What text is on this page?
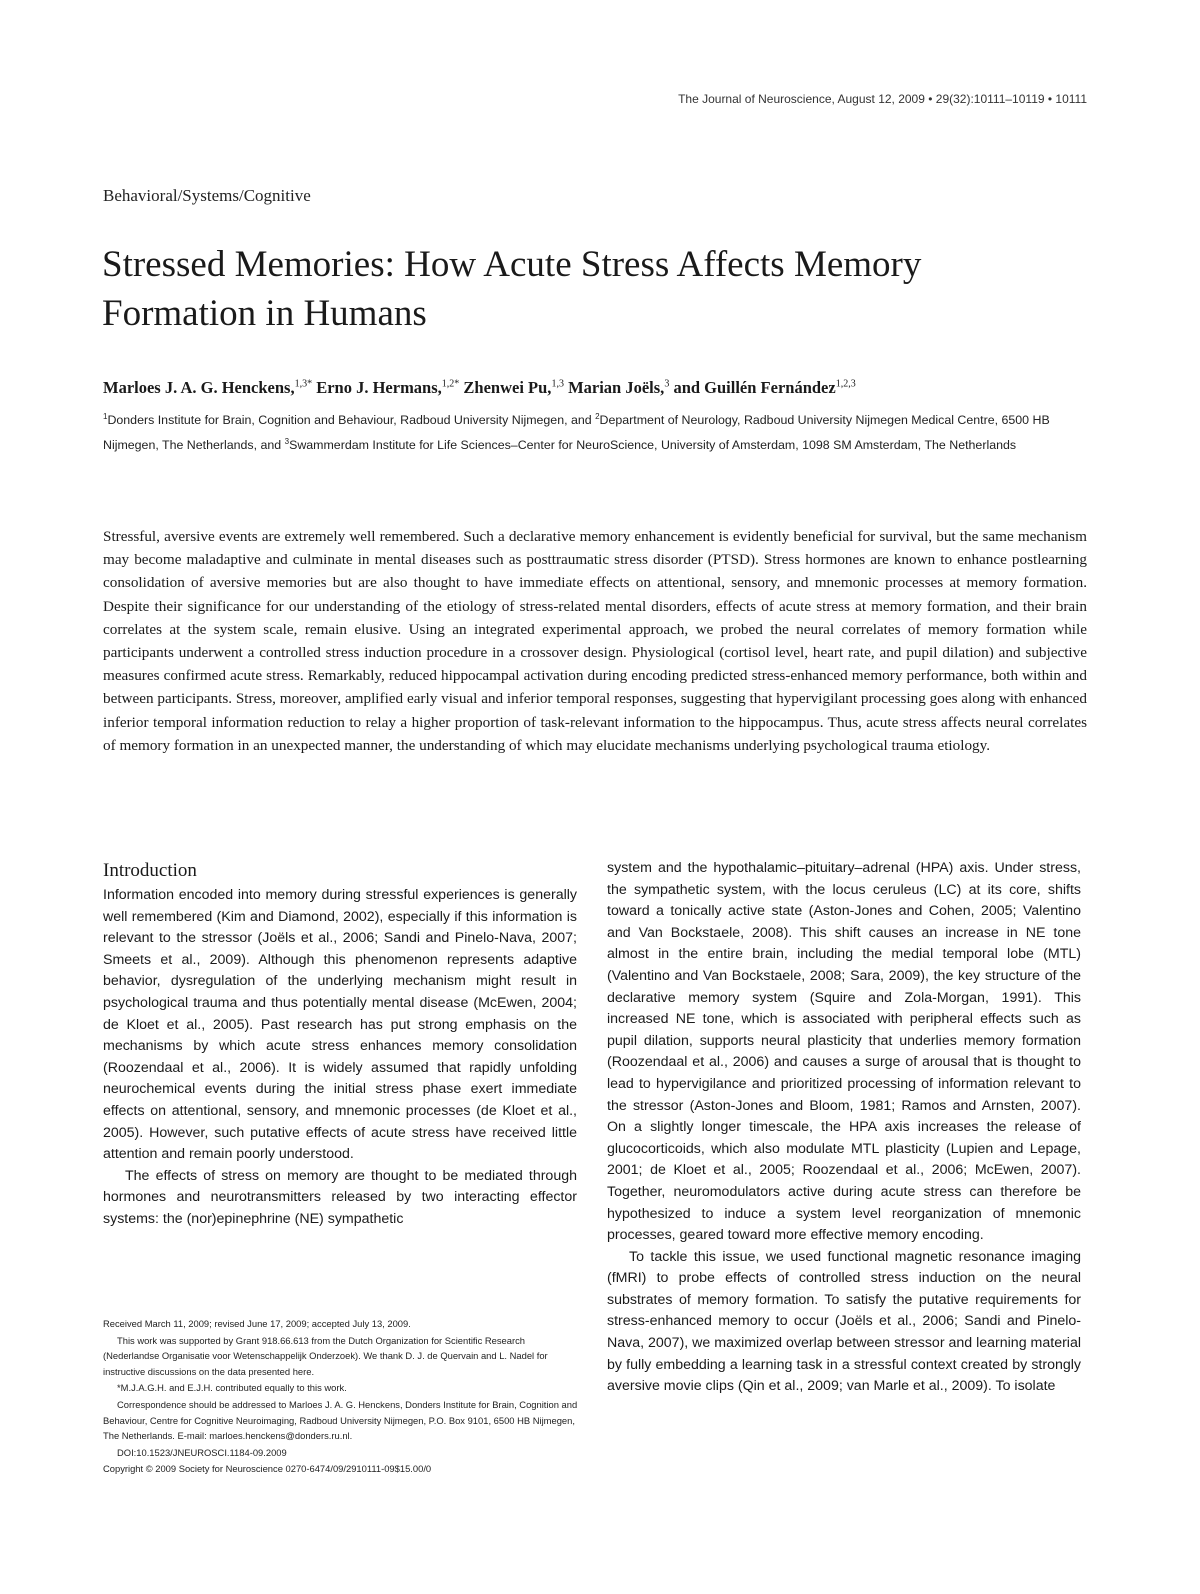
The Journal of Neuroscience, August 12, 2009 • 29(32):10111–10119 • 10111
Behavioral/Systems/Cognitive
Stressed Memories: How Acute Stress Affects Memory Formation in Humans
Marloes J. A. G. Henckens,$^{1,3*}$ Erno J. Hermans,$^{1,2*}$ Zhenwei Pu,$^{1,3}$ Marian Joëls,$^3$ and Guillén Fernández$^{1,2,3}$
$^1$Donders Institute for Brain, Cognition and Behaviour, Radboud University Nijmegen, and $^2$Department of Neurology, Radboud University Nijmegen Medical Centre, 6500 HB Nijmegen, The Netherlands, and $^3$Swammerdam Institute for Life Sciences–Center for NeuroScience, University of Amsterdam, 1098 SM Amsterdam, The Netherlands
Stressful, aversive events are extremely well remembered. Such a declarative memory enhancement is evidently beneficial for survival, but the same mechanism may become maladaptive and culminate in mental diseases such as posttraumatic stress disorder (PTSD). Stress hormones are known to enhance postlearning consolidation of aversive memories but are also thought to have immediate effects on attentional, sensory, and mnemonic processes at memory formation. Despite their significance for our understanding of the etiology of stress-related mental disorders, effects of acute stress at memory formation, and their brain correlates at the system scale, remain elusive. Using an integrated experimental approach, we probed the neural correlates of memory formation while participants underwent a controlled stress induction procedure in a crossover design. Physiological (cortisol level, heart rate, and pupil dilation) and subjective measures confirmed acute stress. Remarkably, reduced hippocampal activation during encoding predicted stress-enhanced memory performance, both within and between participants. Stress, moreover, amplified early visual and inferior temporal responses, suggesting that hypervigilant processing goes along with enhanced inferior temporal information reduction to relay a higher proportion of task-relevant information to the hippocampus. Thus, acute stress affects neural correlates of memory formation in an unexpected manner, the understanding of which may elucidate mechanisms underlying psychological trauma etiology.
Introduction

Information encoded into memory during stressful experiences is generally well remembered (Kim and Diamond, 2002), especially if this information is relevant to the stressor (Joëls et al., 2006; Sandi and Pinelo-Nava, 2007; Smeets et al., 2009). Although this phenomenon represents adaptive behavior, dysregulation of the underlying mechanism might result in psychological trauma and thus potentially mental disease (McEwen, 2004; de Kloet et al., 2005). Past research has put strong emphasis on the mechanisms by which acute stress enhances memory consolidation (Roozendaal et al., 2006). It is widely assumed that rapidly unfolding neurochemical events during the initial stress phase exert immediate effects on attentional, sensory, and mnemonic processes (de Kloet et al., 2005). However, such putative effects of acute stress have received little attention and remain poorly understood.

The effects of stress on memory are thought to be mediated through hormones and neurotransmitters released by two interacting effector systems: the (nor)epinephrine (NE) sympathetic

system and the hypothalamic–pituitary–adrenal (HPA) axis. Under stress, the sympathetic system, with the locus ceruleus (LC) at its core, shifts toward a tonically active state (Aston-Jones and Cohen, 2005; Valentino and Van Bockstaele, 2008). This shift causes an increase in NE tone almost in the entire brain, including the medial temporal lobe (MTL) (Valentino and Van Bockstaele, 2008; Sara, 2009), the key structure of the declarative memory system (Squire and Zola-Morgan, 1991). This increased NE tone, which is associated with peripheral effects such as pupil dilation, supports neural plasticity that underlies memory formation (Roozendaal et al., 2006) and causes a surge of arousal that is thought to lead to hypervigilance and prioritized processing of information relevant to the stressor (Aston-Jones and Bloom, 1981; Ramos and Arnsten, 2007). On a slightly longer timescale, the HPA axis increases the release of glucocorticoids, which also modulate MTL plasticity (Lupien and Lepage, 2001; de Kloet et al., 2005; Roozendaal et al., 2006; McEwen, 2007). Together, neuromodulators active during acute stress can therefore be hypothesized to induce a system level reorganization of mnemonic processes, geared toward more effective memory encoding.

To tackle this issue, we used functional magnetic resonance imaging (fMRI) to probe effects of controlled stress induction on the neural substrates of memory formation. To satisfy the putative requirements for stress-enhanced memory to occur (Joëls et al., 2006; Sandi and Pinelo-Nava, 2007), we maximized overlap between stressor and learning material by fully embedding a learning task in a stressful context created by strongly aversive movie clips (Qin et al., 2009; van Marle et al., 2009). To isolate

Received March 11, 2009; revised June 17, 2009; accepted July 13, 2009.

This work was supported by Grant 918.66.613 from the Dutch Organization for Scientific Research (Nederlandse Organisatie voor Wetenschappelijk Onderzoek). We thank D. J. de Quervain and L. Nadel for instructive discussions on the data presented here.

*M.J.A.G.H. and E.J.H. contributed equally to this work.

Correspondence should be addressed to Marloes J. A. G. Henckens, Donders Institute for Brain, Cognition and Behaviour, Centre for Cognitive Neuroimaging, Radboud University Nijmegen, P.O. Box 9101, 6500 HB Nijmegen, The Netherlands. E-mail: marloes.henckens@donders.ru.nl.

DOI:10.1523/JNEUROSCI.1184-09.2009

Copyright © 2009 Society for Neuroscience 0270-6474/09/2910111-09$15.00/0
